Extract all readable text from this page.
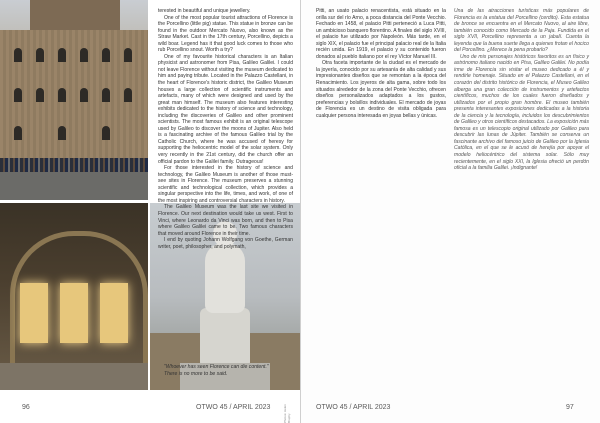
terested in beautiful and unique jewellery.

One of the most popular tourist attractions of Florence is the Porcellino (little pig) statue. This statue in bronze can be found in the outdoor Mercato Nuovo, also known as the Straw Market. Cast in the 17th century, Porcellino, depicts a wild boar. Legend has it that good luck comes to those who rub Porcellino snout. Worth a try?

One of my favourite historical characters is an Italian physicist and astronomer from Pisa, Galileo Galilei. I could not leave Florence without visiting the museum dedicated to him and paying tribute. Located in the Palazzo Castellani, in the heart of Florence's historic district, the Galileo Museum houses a large collection of scientific instruments and artefacts, many of which were designed and used by the great man himself. The museum also features interesting exhibits dedicated to the history of science and technology, including the discoveries of Galileo and other prominent scientists. The most famous exhibit is an original telescope used by Galileo to discover the moons of Jupiter. Also held is a fascinating archive of the famous Galileo trial by the Catholic Church, where he was accused of heresy for supporting the heliocentric model of the solar system. Only very recently in the 21st century, did the church offer an official pardon to the Galilei family. Outrageous!

For those interested in the history of science and technology, the Galileo Museum is another of those must-see sites in Florence. The museum preserves a stunning scientific and technological collection, which provides a singular perspective into the life, times, and work, of one of the most inspiring and controversial characters in history.

The Galileo Museum was the last site we visited in Florence. Our next destination would take us west. First to Vinci, where Leonardo da Vinci was born, and then to Pisa where Galileo Galilei came to be. Two famous characters that moved around Florence in their time.

I end by quoting Johann Wolfgang von Goethe, German writer, poet, philosopher, and polymath,

"Whoever has seen Florence can die content."
There is no more to be said.
Photos: Helen Brophy
96	OTWO 45 / APRIL 2023

Pitti, an usato palacio renacentista, está situado en la orilla sur del río Arno, a poca distancia del Ponte Vecchio. Fechado en 1458, el palacio Pitti perteneció a Luca Pitti, un ambicioso banquero florentino. A finales del siglo XVIII, el palacio fue utilizado por Napoleón. Más tarde, en el siglo XIX, el palacio fue el principal palacio real de la Italia recién unida. En 1919, el palacio y su contenido fueron donados al pueblo italiano por el rey Víctor Manuel III.

Otra faceta importante de la ciudad es el mercado de la joyería, conocido por su artesanía de alta calidad y sus impresionantes diseños que se remontan a la época del Renacimiento. Los joyeros de alta gama, sobre todo los situados alrededor de la zona del Ponte Vecchio, ofrecen diseños personalizados adaptados a los gustos, preferencias y bolsillos individuales. El mercado de joyas de Florencia es un destino de visita obligada para cualquier persona interesada en joyas bellas y únicas.

Una de las atracciones turísticas más populares de Florencia es la estatua del Porcellino (cerdito). Esta estatua de bronce se encuentra en el Mercato Nuovo, al aire libre, también conocido como Mercado de la Paja. Fundida en el siglo XVII, Porcellino representa a un jabalí. Cuenta la leyenda que la buena suerte llega a quienes frotan el hocico del Porcellino. ¿Merece la pena probarlo?

Uno de mis personajes históricos favoritos es un físico y astrónomo italiano nacido en Pisa, Galileo Galilei. No podía irme de Florencia sin visitar el museo dedicado a él y rendirle homenaje. Situado en el Palazzo Castellani, en el corazón del distrito histórico de Florencia, el Museo Galileo alberga una gran colección de instrumentos y artefactos científicos, muchos de los cuales fueron diseñados y utilizados por el propio gran hombre. El museo también presenta interesantes exposiciones dedicadas a la historia de la ciencia y la tecnología, incluidos los descubrimientos de Galileo y otros científicos destacados. La exposición más famosa es un telescopio original utilizado por Galileo para descubrir las lunas de Júpiter. También se conserva un fascinante archivo del famoso juicio de Galileo por la Iglesia Católica, en el que se le acusó de herejía por apoyar el modelo heliocéntrico del sistema solar. Sólo muy recientemente, en el siglo XXI, la Iglesia ofreció un perdón oficial a la familia Galilei. ¡Indignante!

OTWO 45 / APRIL 2023	97
